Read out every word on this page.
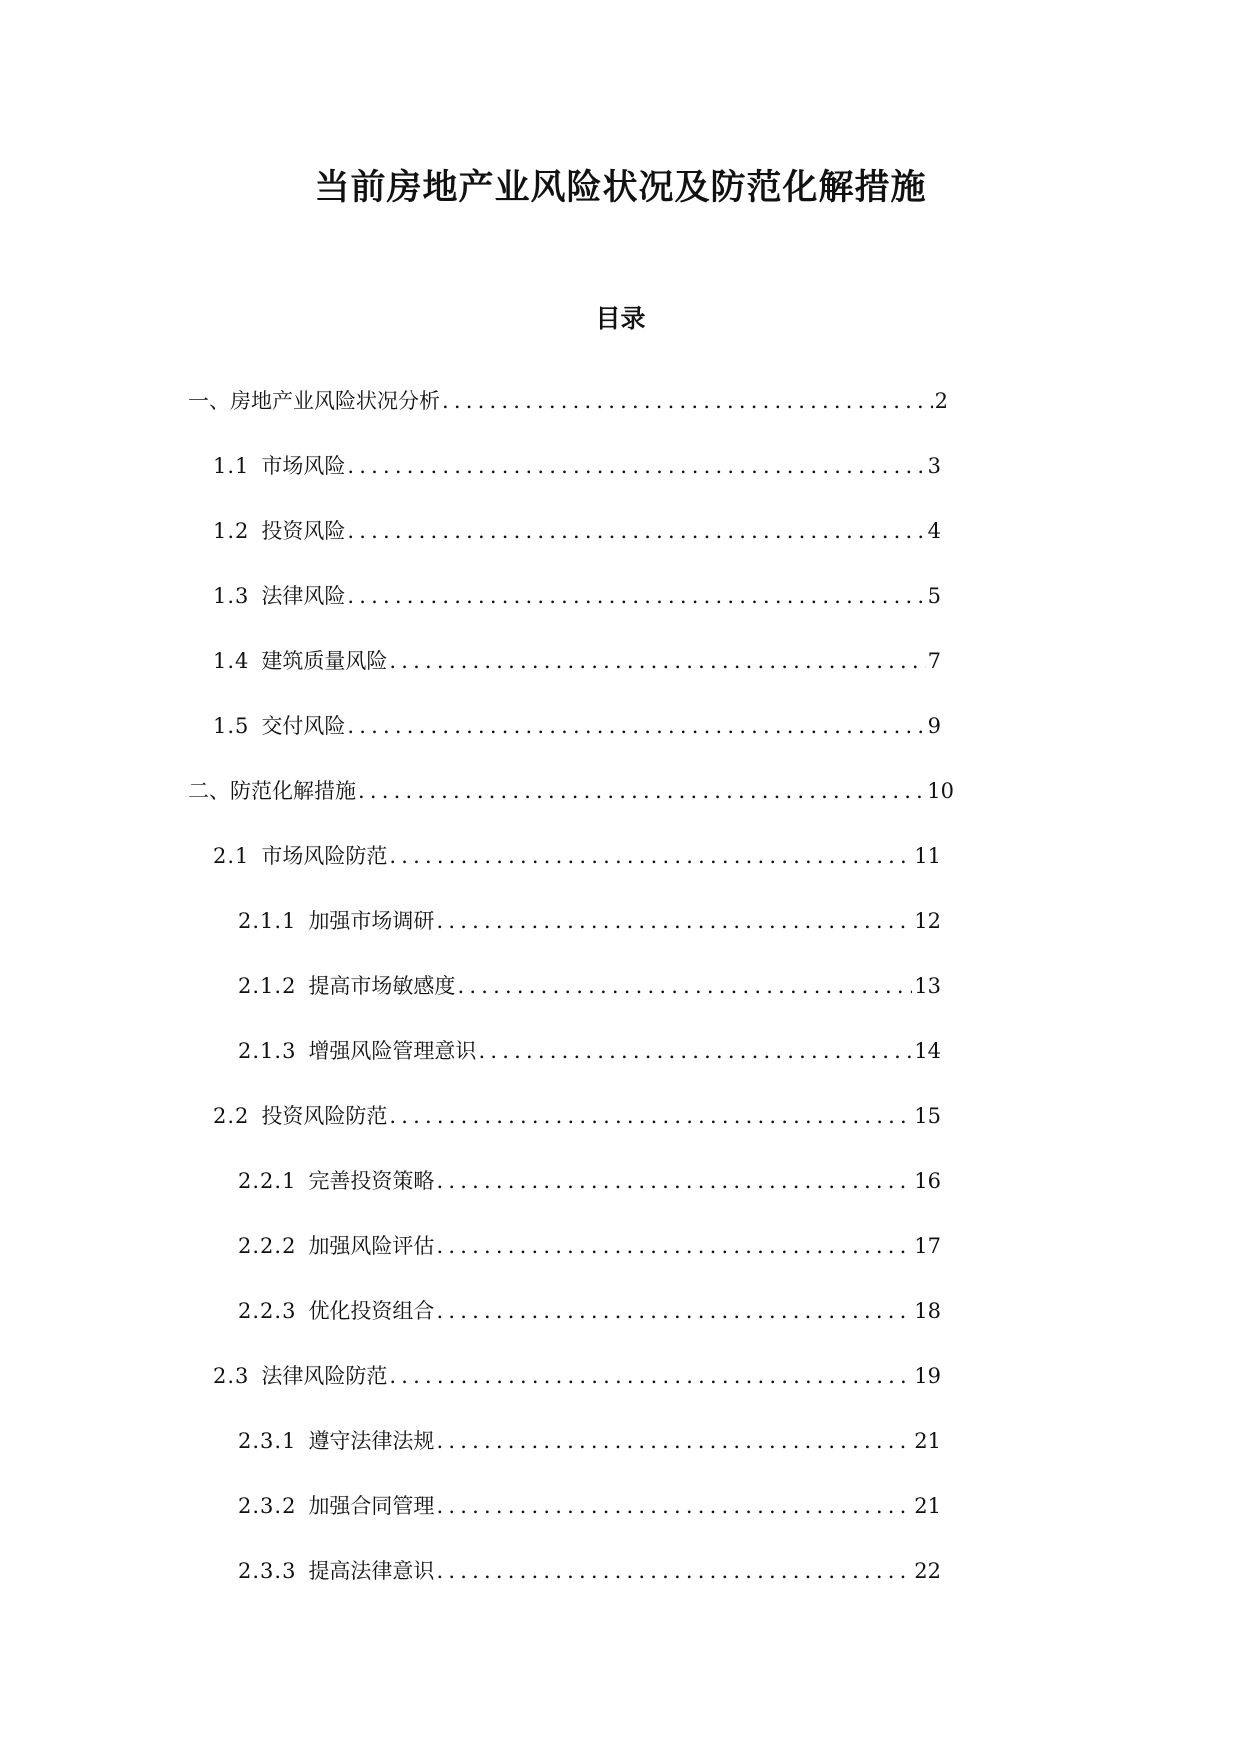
当前房地产业风险状况及防范化解措施
目录
一、房地产业风险状况分析 .....	2
1.1 市场风险 .....	3
1.2 投资风险 .....	4
1.3 法律风险 .....	5
1.4 建筑质量风险 .....	7
1.5 交付风险 .....	9
二、防范化解措施 .....	10
2.1 市场风险防范 .....	11
2.1.1 加强市场调研 .....	12
2.1.2 提高市场敏感度 .....	13
2.1.3 增强风险管理意识 .....	14
2.2 投资风险防范 .....	15
2.2.1 完善投资策略 .....	16
2.2.2 加强风险评估 .....	17
2.2.3 优化投资组合 .....	18
2.3 法律风险防范 .....	19
2.3.1 遵守法律法规 .....	21
2.3.2 加强合同管理 .....	21
2.3.3 提高法律意识 .....	22
